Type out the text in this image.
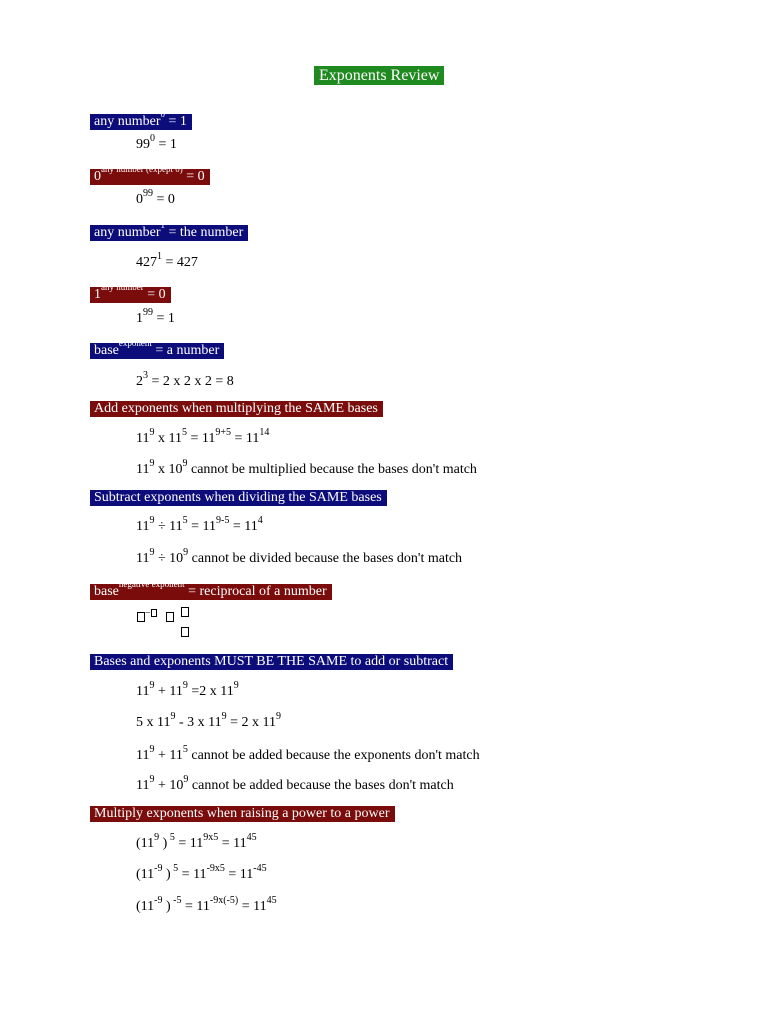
Exponents Review
any number$^0$ = 1
$99^0 = 1$
$0^{any number (expept 0)} = 0$
$0^{99} = 0$
any number$^1$ = the number
$427^1 = 427$
$1^{any number} = 0$
$1^{99} = 1$
base$^{exponent}$ = a number
$2^3 = 2$ x 2 x 2 = 8
Add exponents when multiplying the SAME bases
$11^9$ x $11^5 = 11^{9+5} = 11^{14}$
$11^9$ x $10^9$ cannot be multiplied because the bases don't match
Subtract exponents when dividing the SAME bases
$11^9 \div 11^5 = 11^{9-5} = 11^4$
$11^9 \div 10^9$ cannot be divided because the bases don't match
base$^{negative exponent}$ = reciprocal of a number
−
Bases and exponents MUST BE THE SAME to add or subtract
$11^9 + 11^9 =2$ x $11^9$
5 x $11^9 - 3$ x $11^9 = 2$ x $11^9$
$11^9 + 11^5$ cannot be added because the exponents don't match
$11^9 + 10^9$ cannot be added because the bases don't match
Multiply exponents when raising a power to a power
($11^9$ ) $^5 = 11^{9x5} = 11^{45}$
($11^{-9}$ ) $^5 = 11^{-9x5} = 11^{-45}$
($11^{-9}$ ) $^{-5} = 11^{-9x(-5)} = 11^{45}$
